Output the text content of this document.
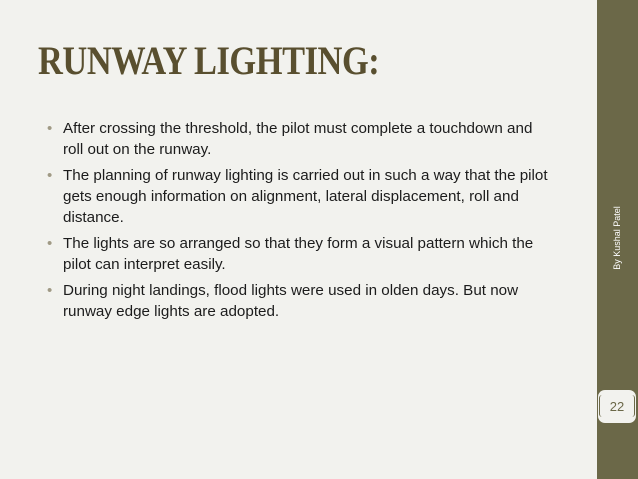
RUNWAY LIGHTING:
• After crossing the threshold, the pilot must complete a touchdown and roll out on the runway.
• The planning of runway lighting is carried out in such a way that the pilot gets enough information on alignment, lateral displacement, roll and distance.
• The lights are so arranged so that they form a visual pattern which the pilot can interpret easily.
• During night landings, flood lights were used in olden days. But now runway edge lights are adopted.
By Kushal Patel
22
